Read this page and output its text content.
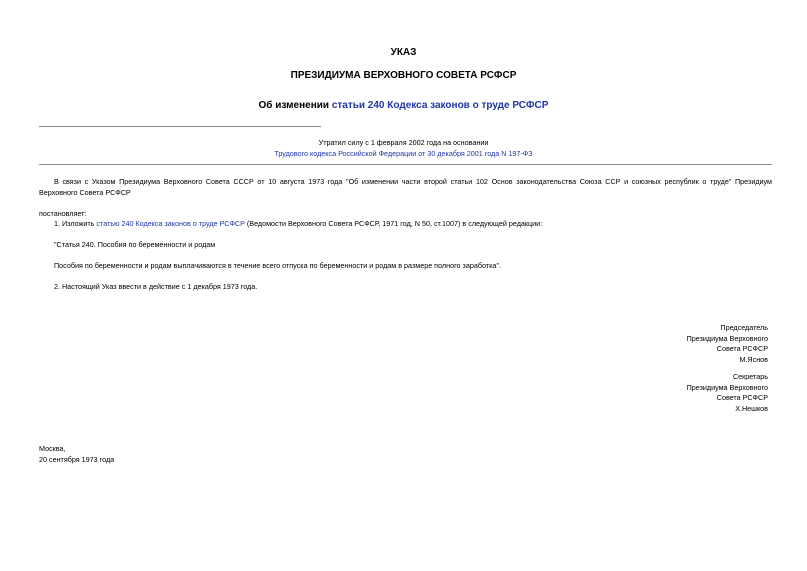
УКАЗ
ПРЕЗИДИУМА ВЕРХОВНОГО СОВЕТА РСФСР
Об изменении статьи 240 Кодекса законов о труде РСФСР
Утратил силу с 1 февраля 2002 года на основании
Трудового кодекса Российской Федерации от 30 декабря 2001 года N 197-ФЗ
В связи с Указом Президиума Верховного Совета СССР от 10 августа 1973 года "Об изменении части второй статьи 102 Основ законодательства Союза ССР и союзных республик о труде" Президиум
Верховного Совета РСФСР
постановляет:
1. Изложить статью 240 Кодекса законов о труде РСФСР (Ведомости Верховного Совета РСФСР, 1971 год, N 50, ст.1007) в следующей редакции:
"Статья 240. Пособия по беременности и родам
Пособия по беременности и родам выплачиваются в течение всего отпуска по беременности и родам в размере полного заработка".
2. Настоящий Указ ввести в действие с 1 декабря 1973 года.
Председатель
Президиума Верховного
Совета РСФСР
М.Яснов
Секретарь
Президиума Верховного
Совета РСФСР
Х.Нешков
Москва,
20 сентября 1973 года
